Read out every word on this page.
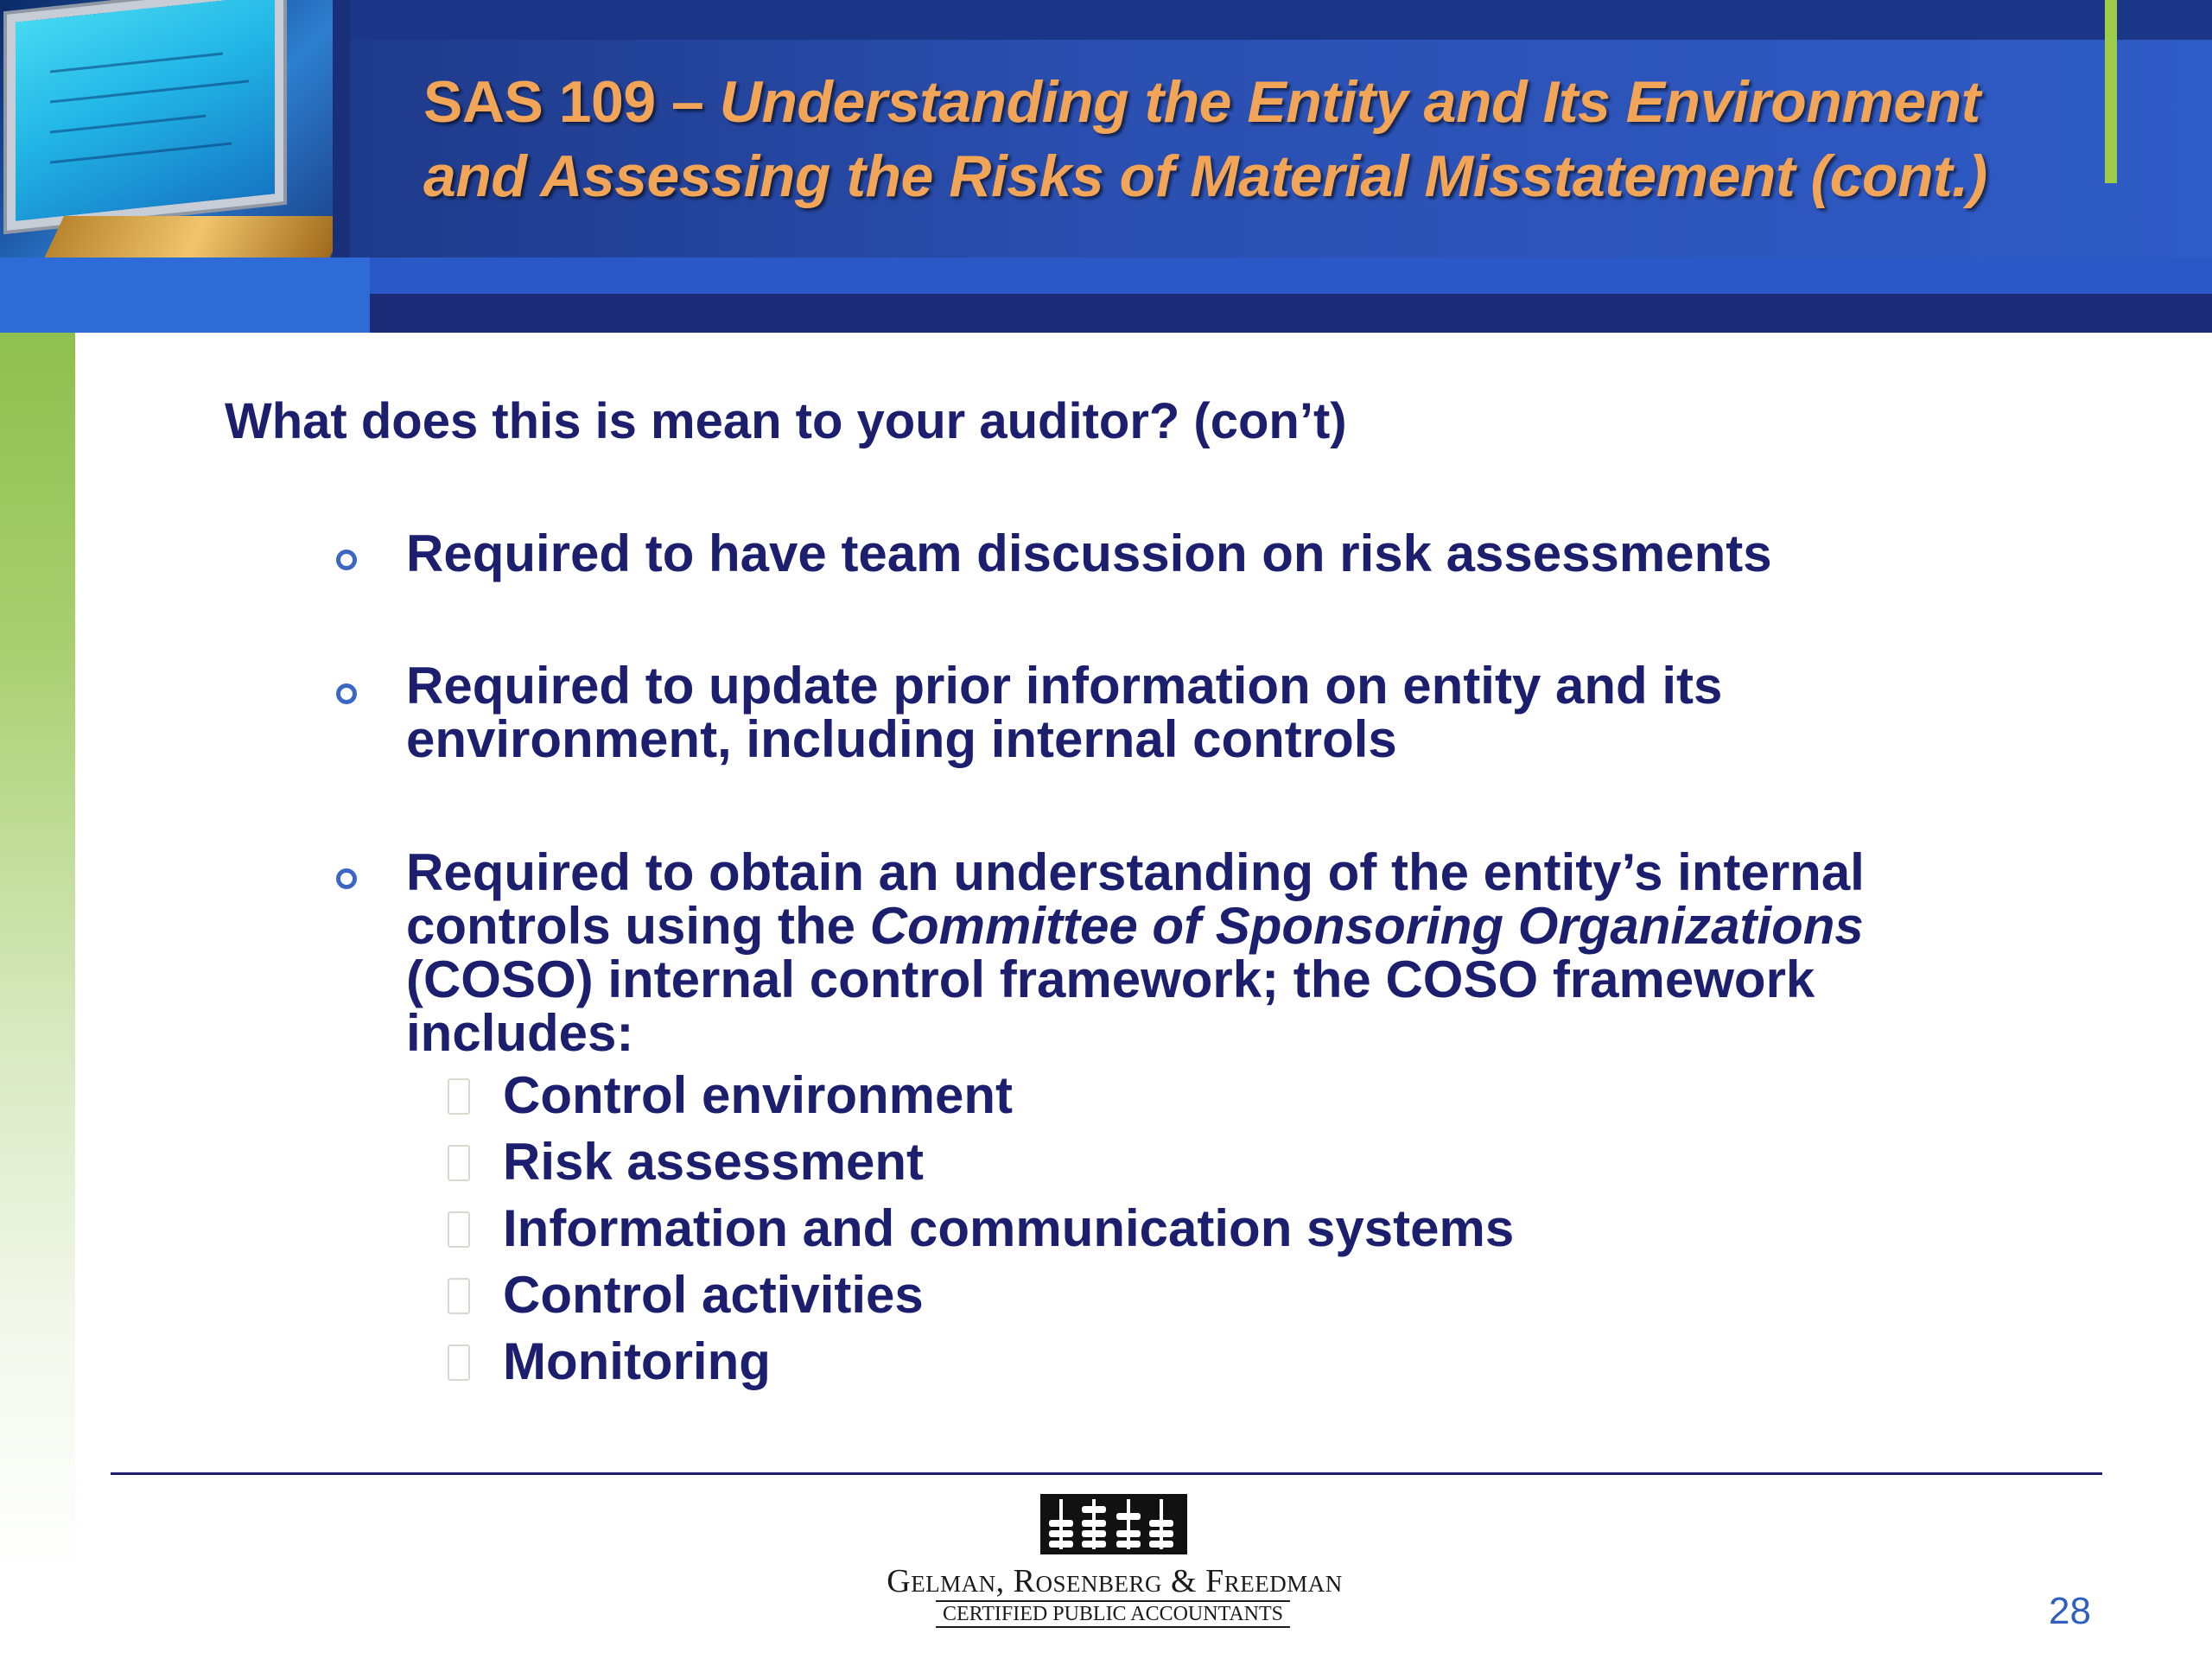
SAS 109 – Understanding the Entity and Its Environment
and Assessing the Risks of Material Misstatement (cont.)
What does this is mean to your auditor? (con’t)

Required to have team discussion on risk assessments

Required to update prior information on entity and its environment, including internal controls

Required to obtain an understanding of the entity’s internal controls using the Committee of Sponsoring Organizations (COSO) internal control framework; the COSO framework includes:

Control environment

Risk assessment

Information and communication systems

Control activities

Monitoring

Gelman, Rosenberg & Freedman

CERTIFIED PUBLIC ACCOUNTANTS	28
